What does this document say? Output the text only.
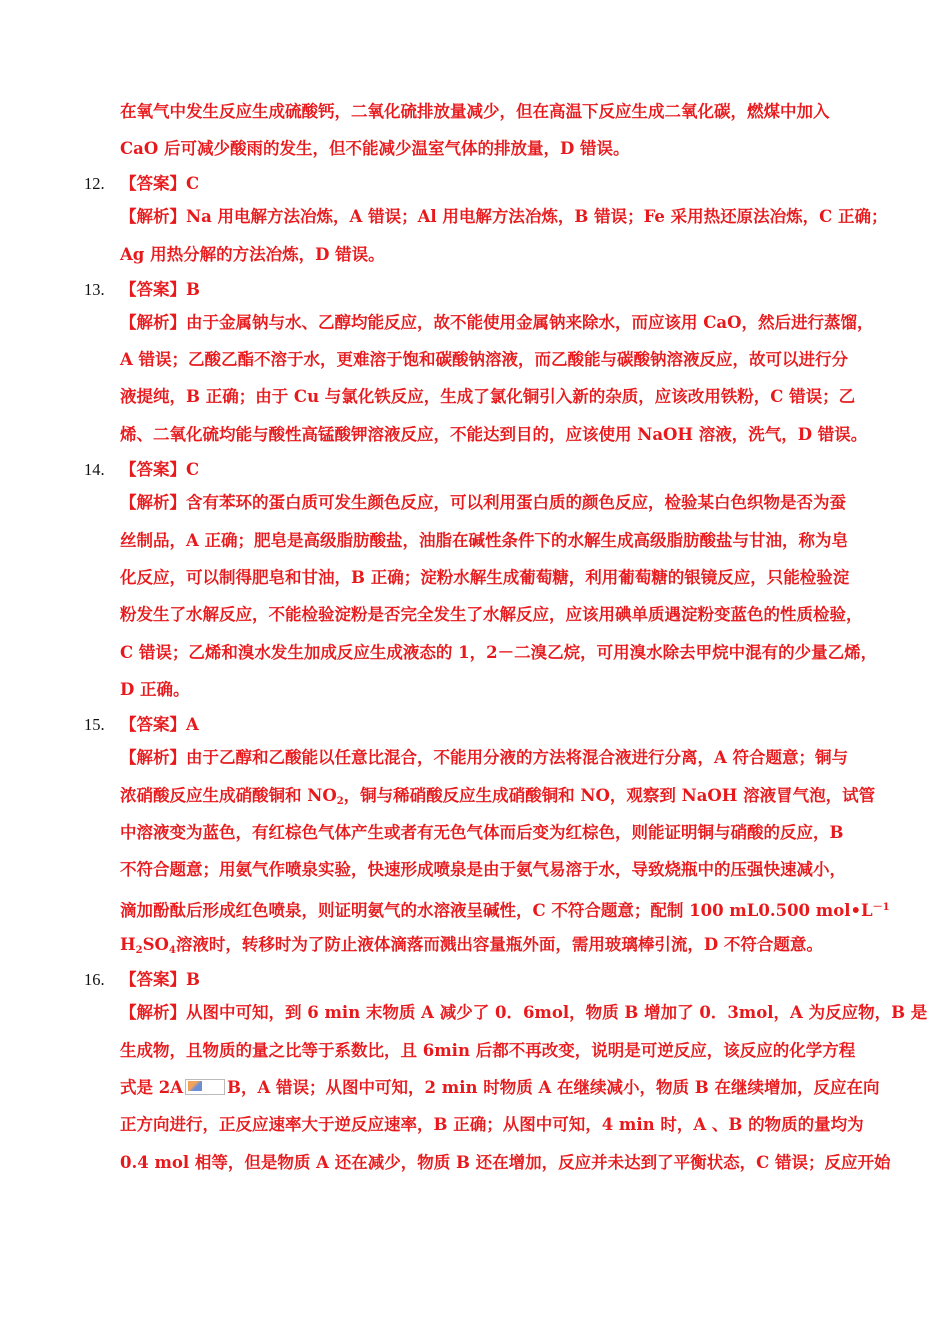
在氧气中发生反应生成硫酸钙，二氧化硫排放量减少，但在高温下反应生成二氧化碳，燃煤中加入
CaO 后可减少酸雨的发生，但不能减少温室气体的排放量，D 错误。
12. 【答案】C
【解析】Na 用电解方法冶炼，A 错误；Al 用电解方法冶炼，B 错误；Fe 采用热还原法冶炼，C 正确；
Ag 用热分解的方法冶炼，D 错误。
13. 【答案】B
【解析】由于金属钠与水、乙醇均能反应，故不能使用金属钠来除水，而应该用 CaO，然后进行蒸馏，
A 错误；乙酸乙酯不溶于水，更难溶于饱和碳酸钠溶液，而乙酸能与碳酸钠溶液反应，故可以进行分
液提纯，B 正确；由于 Cu 与氯化铁反应，生成了氯化铜引入新的杂质，应该改用铁粉，C 错误；乙
烯、二氧化硫均能与酸性高锰酸钾溶液反应，不能达到目的，应该使用 NaOH 溶液，洗气，D 错误。
14. 【答案】C
【解析】含有苯环的蛋白质可发生颜色反应，可以利用蛋白质的颜色反应，检验某白色织物是否为蚕
丝制品，A 正确；肥皂是高级脂肪酸盐，油脂在碱性条件下的水解生成高级脂肪酸盐与甘油，称为皂
化反应，可以制得肥皂和甘油，B 正确；淀粉水解生成葡萄糖，利用葡萄糖的银镜反应，只能检验淀
粉发生了水解反应，不能检验淀粉是否完全发生了水解反应，应该用碘单质遇淀粉变蓝色的性质检验，
C 错误；乙烯和溴水发生加成反应生成液态的 1，2－二溴乙烷，可用溴水除去甲烷中混有的少量乙烯，
D 正确。
15. 【答案】A
【解析】由于乙醇和乙酸能以任意比混合，不能用分液的方法将混合液进行分离，A 符合题意；铜与
浓硝酸反应生成硝酸铜和 $NO_2$，铜与稀硝酸反应生成硝酸铜和 NO，观察到 NaOH 溶液冒气泡，试管
中溶液变为蓝色，有红棕色气体产生或者有无色气体而后变为红棕色，则能证明铜与硝酸的反应，B
不符合题意；用氨气作喷泉实验，快速形成喷泉是由于氨气易溶于水，导致烧瓶中的压强快速减小，
滴加酚酞后形成红色喷泉，则证明氨气的水溶液呈碱性，C 不符合题意；配制 100 mL0.500 $mol•L^{-1}$
$H_2SO_4$溶液时，转移时为了防止液体滴落而溅出容量瓶外面，需用玻璃棒引流，D 不符合题意。
16. 【答案】B
【解析】从图中可知，到 6 min 末物质 A 减少了 0．6mol，物质 B 增加了 0．3mol，A 为反应物，B 是
生成物，且物质的量之比等于系数比，且 6min 后都不再改变，说明是可逆反应，该反应的化学方程
式是 2A	B，A 错误；从图中可知，2 min 时物质 A 在继续减小，物质 B 在继续增加，反应在向
正方向进行，正反应速率大于逆反应速率，B 正确；从图中可知，4 min 时，A 、B 的物质的量均为
0.4 mol 相等，但是物质 A 还在减少，物质 B 还在增加，反应并未达到了平衡状态，C 错误；反应开始
